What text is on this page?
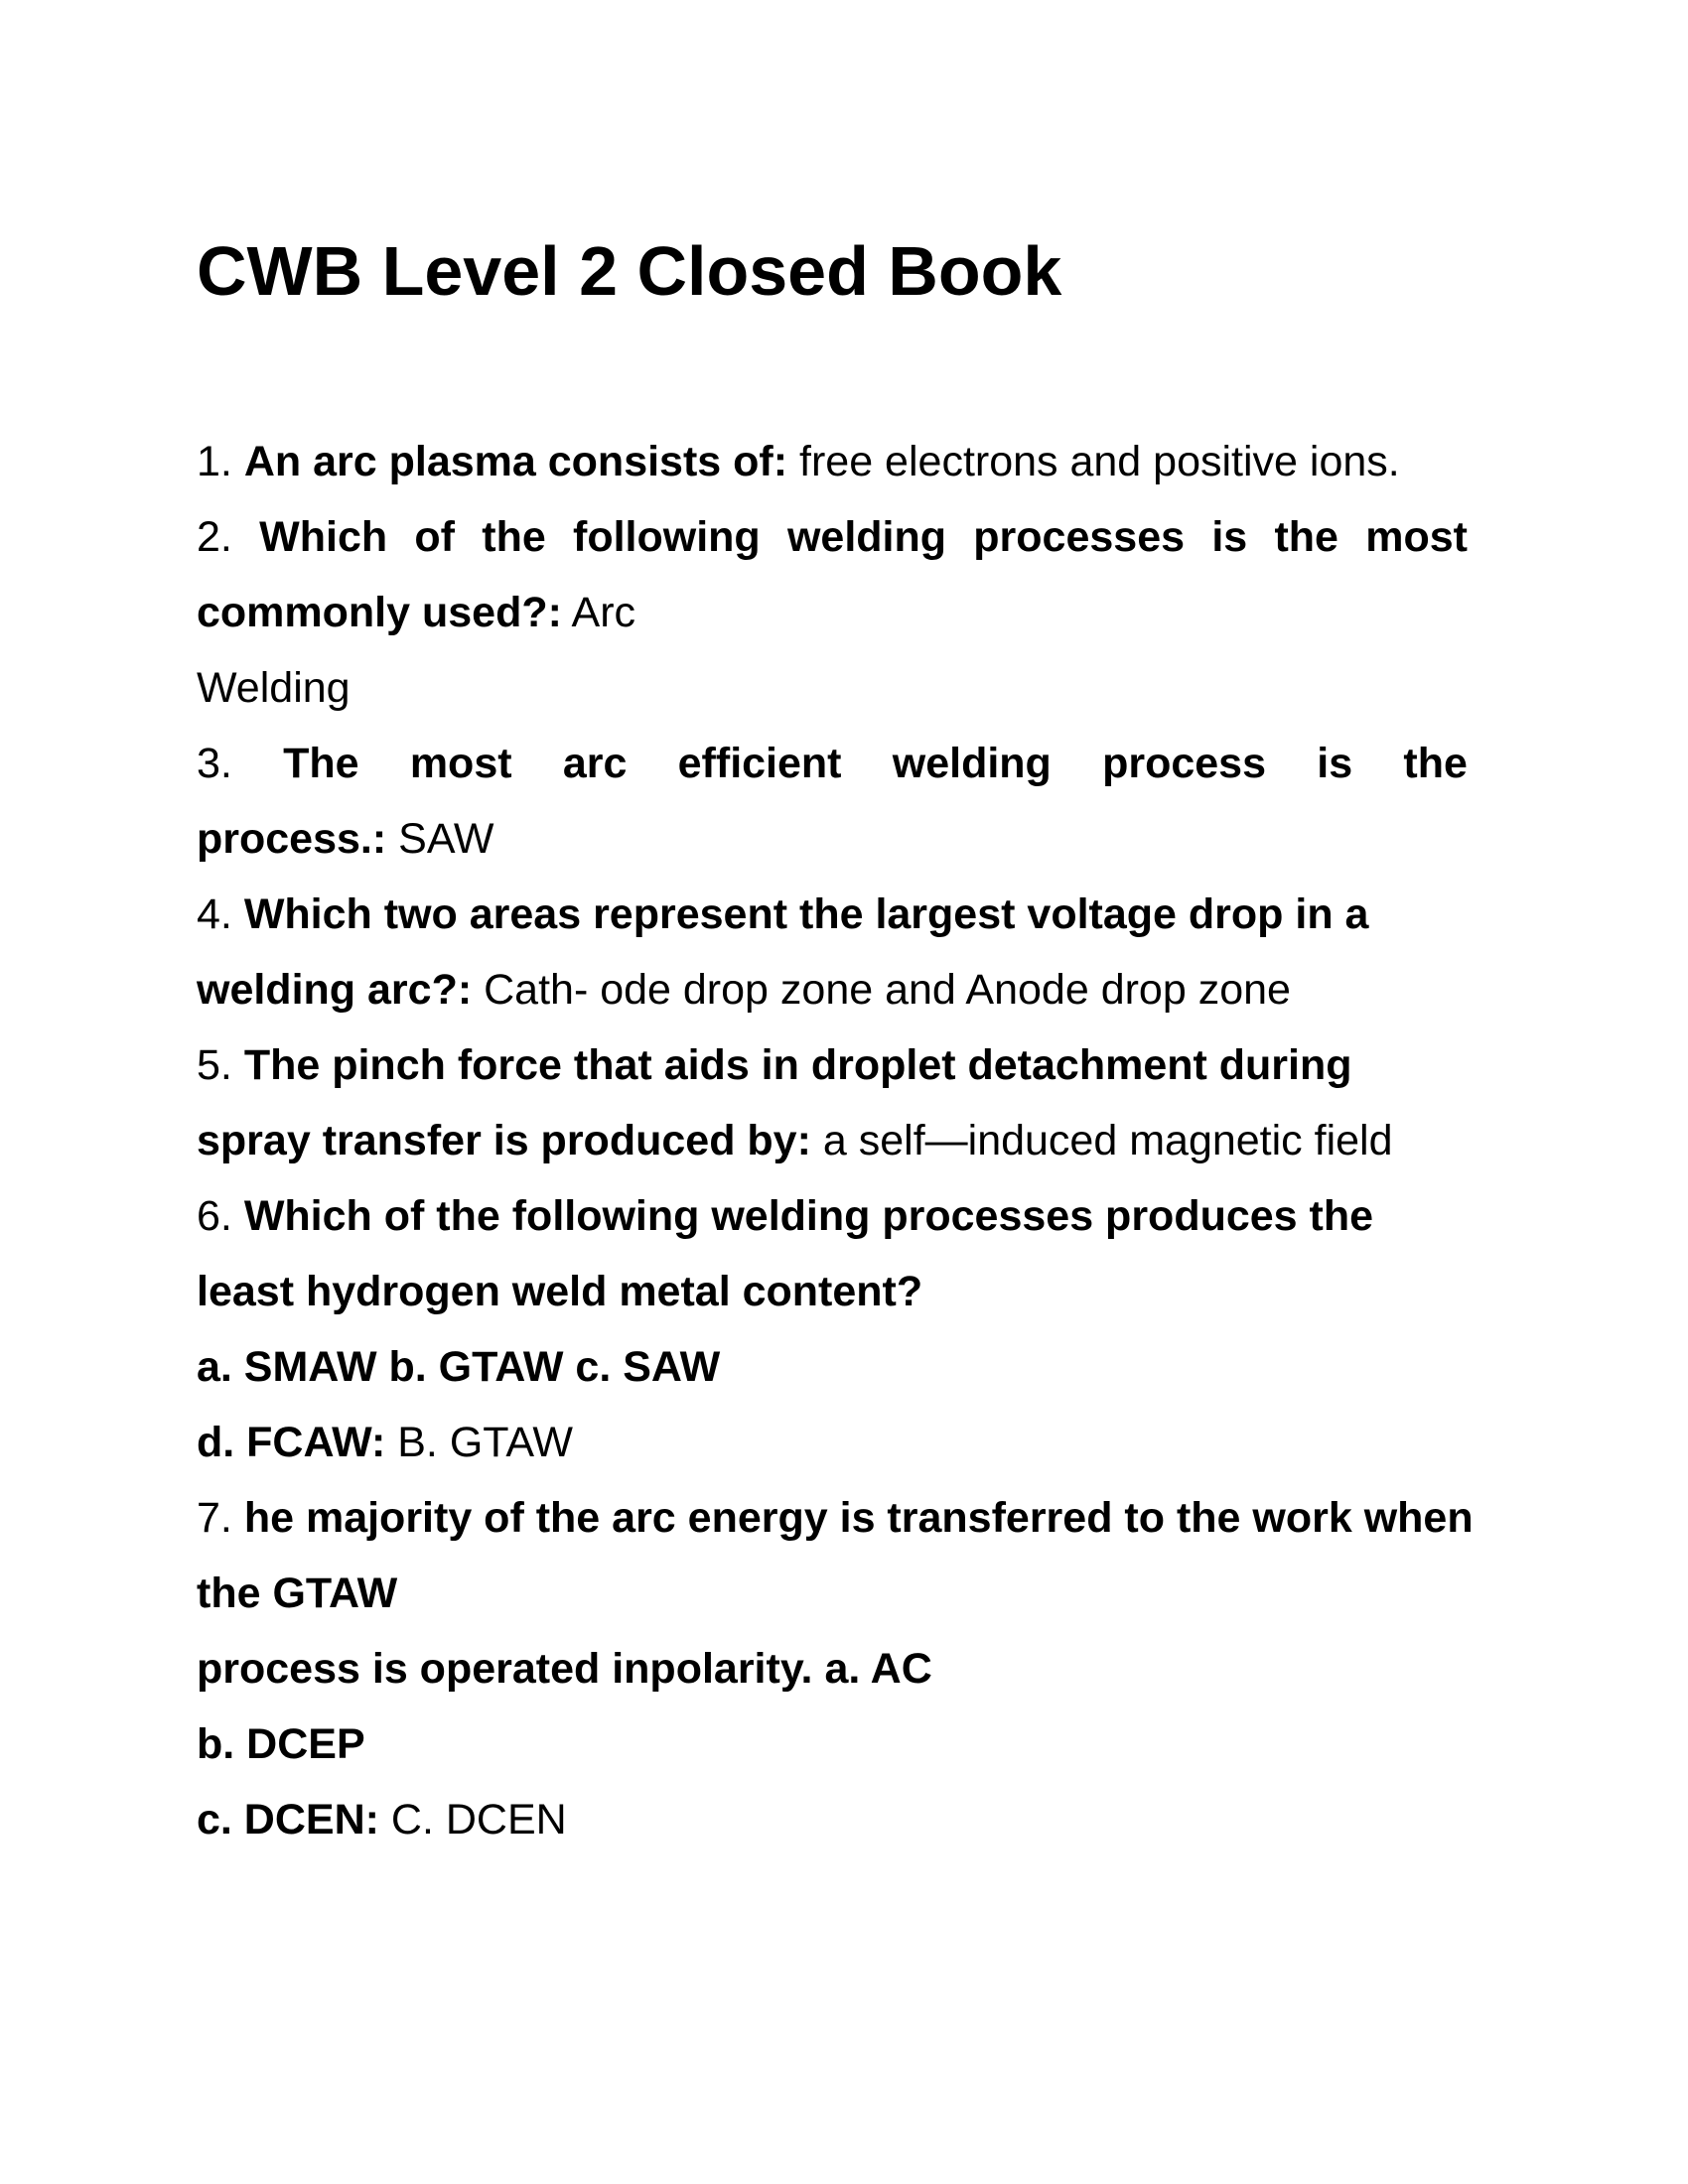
CWB Level 2 Closed Book
1. An arc plasma consists of: free electrons and positive ions.
2. Which of the following welding processes is the most
commonly used?: Arc
Welding
3. The most arc efficient welding process is the
process.: SAW
4. Which two areas represent the largest voltage drop in a
welding arc?: Cath- ode drop zone and Anode drop zone
5. The pinch force that aids in droplet detachment during
spray transfer is produced by: a self—induced magnetic field
6. Which of the following welding processes produces the
least hydrogen weld metal content?
a. SMAW b. GTAW c. SAW
d. FCAW: B. GTAW
7. he majority of the arc energy is transferred to the work when
the GTAW
process is operated inpolarity. a. AC
b. DCEP
c. DCEN: C. DCEN
